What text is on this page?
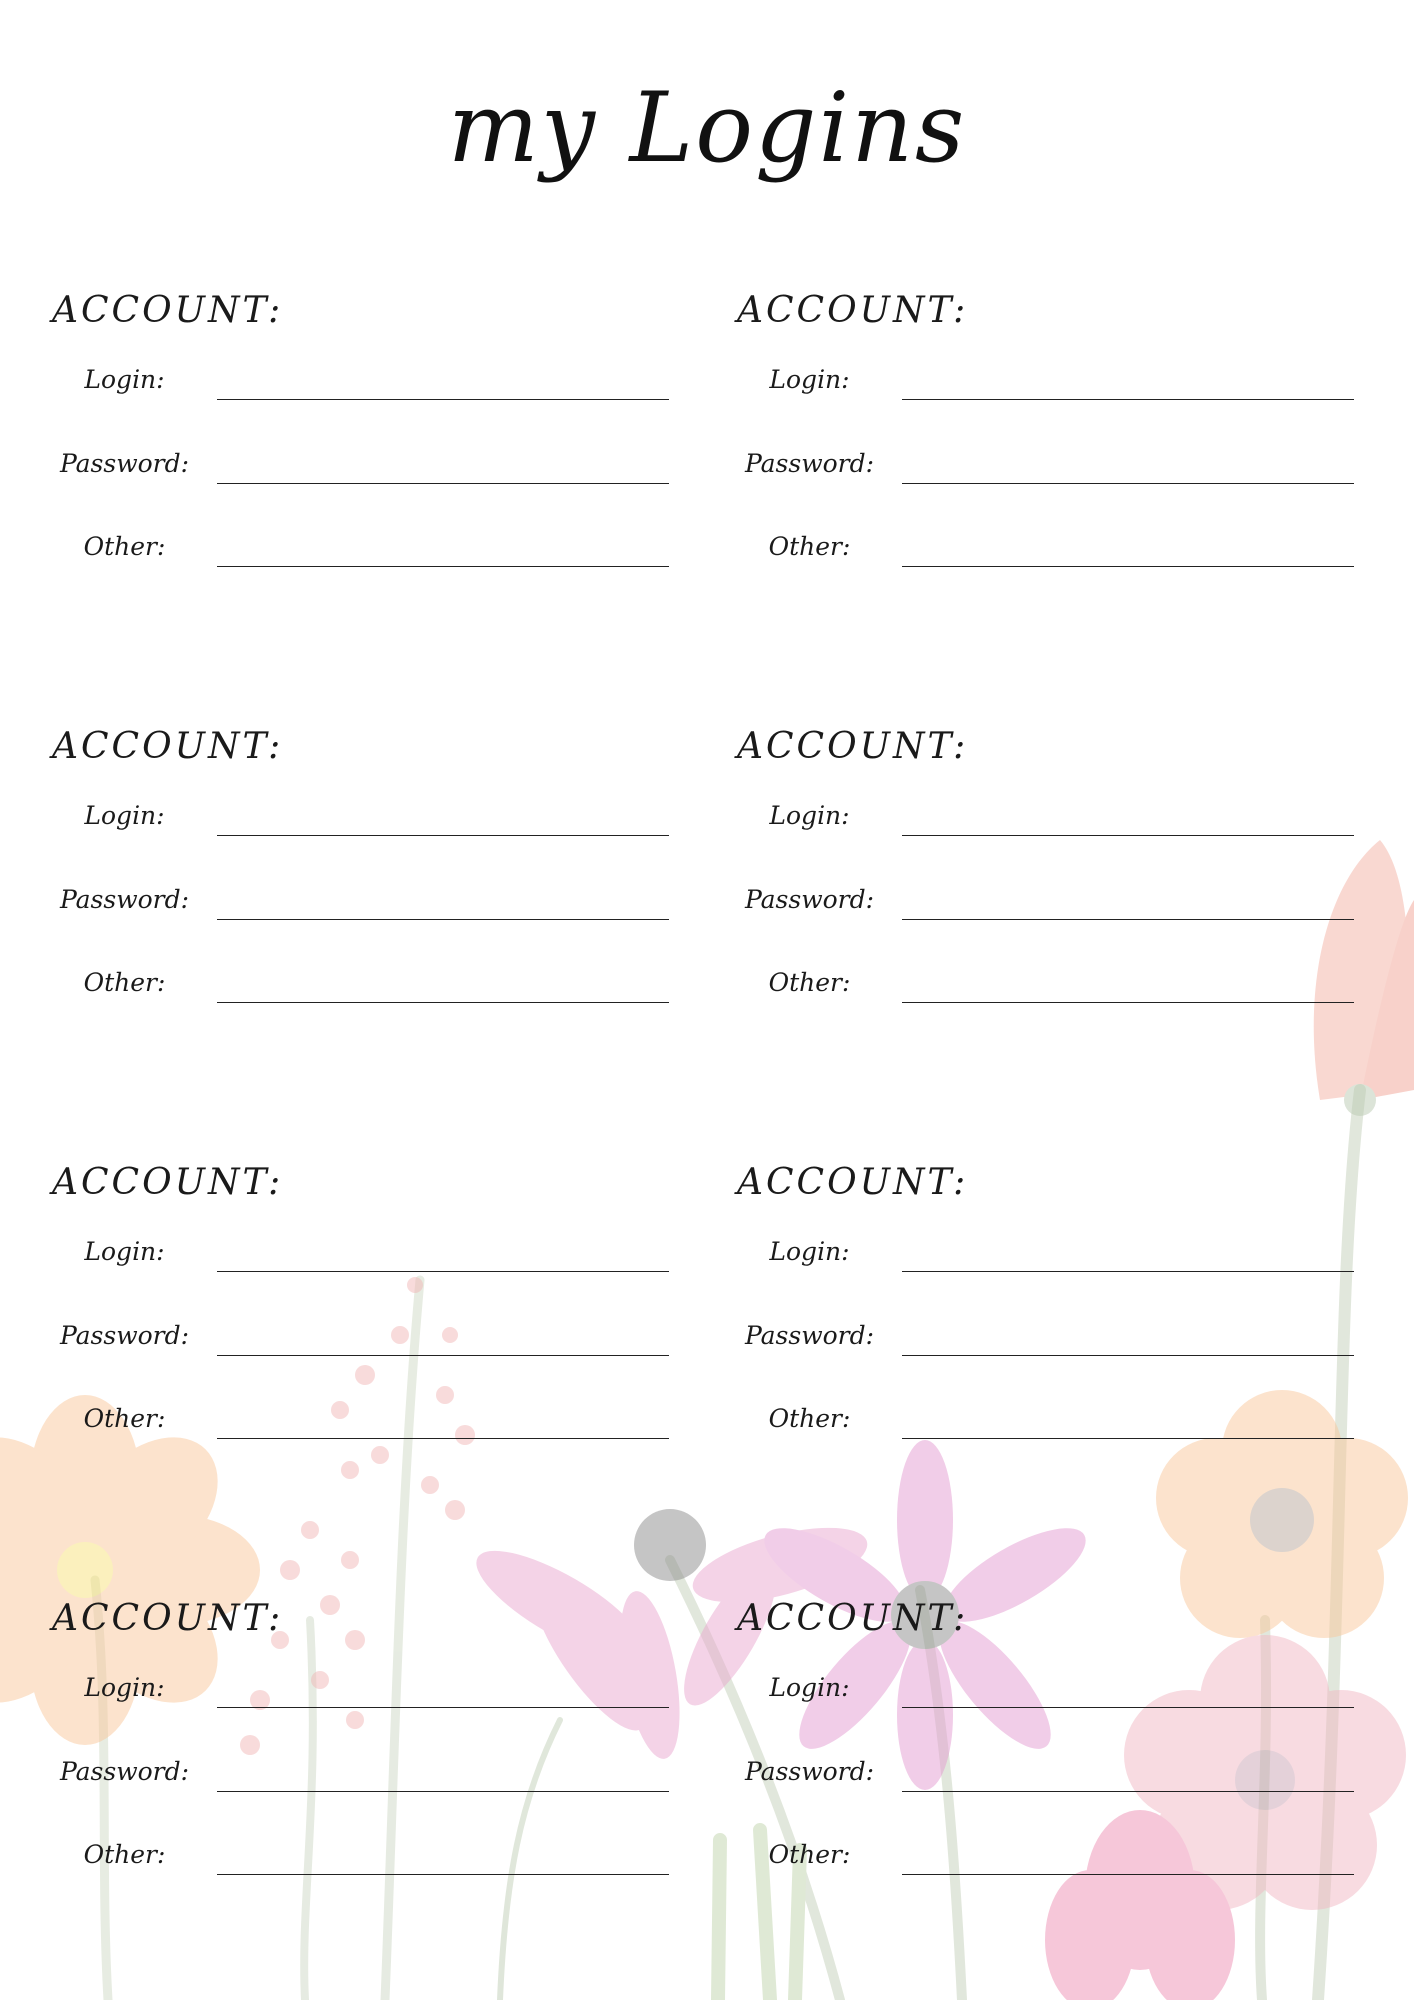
my Logins
ACCOUNT:
Login:
Password:
Other:
ACCOUNT:
Login:
Password:
Other:
ACCOUNT:
Login:
Password:
Other:
ACCOUNT:
Login:
Password:
Other:
ACCOUNT:
Login:
Password:
Other:
ACCOUNT:
Login:
Password:
Other:
ACCOUNT:
Login:
Password:
Other:
ACCOUNT:
Login:
Password:
Other:
